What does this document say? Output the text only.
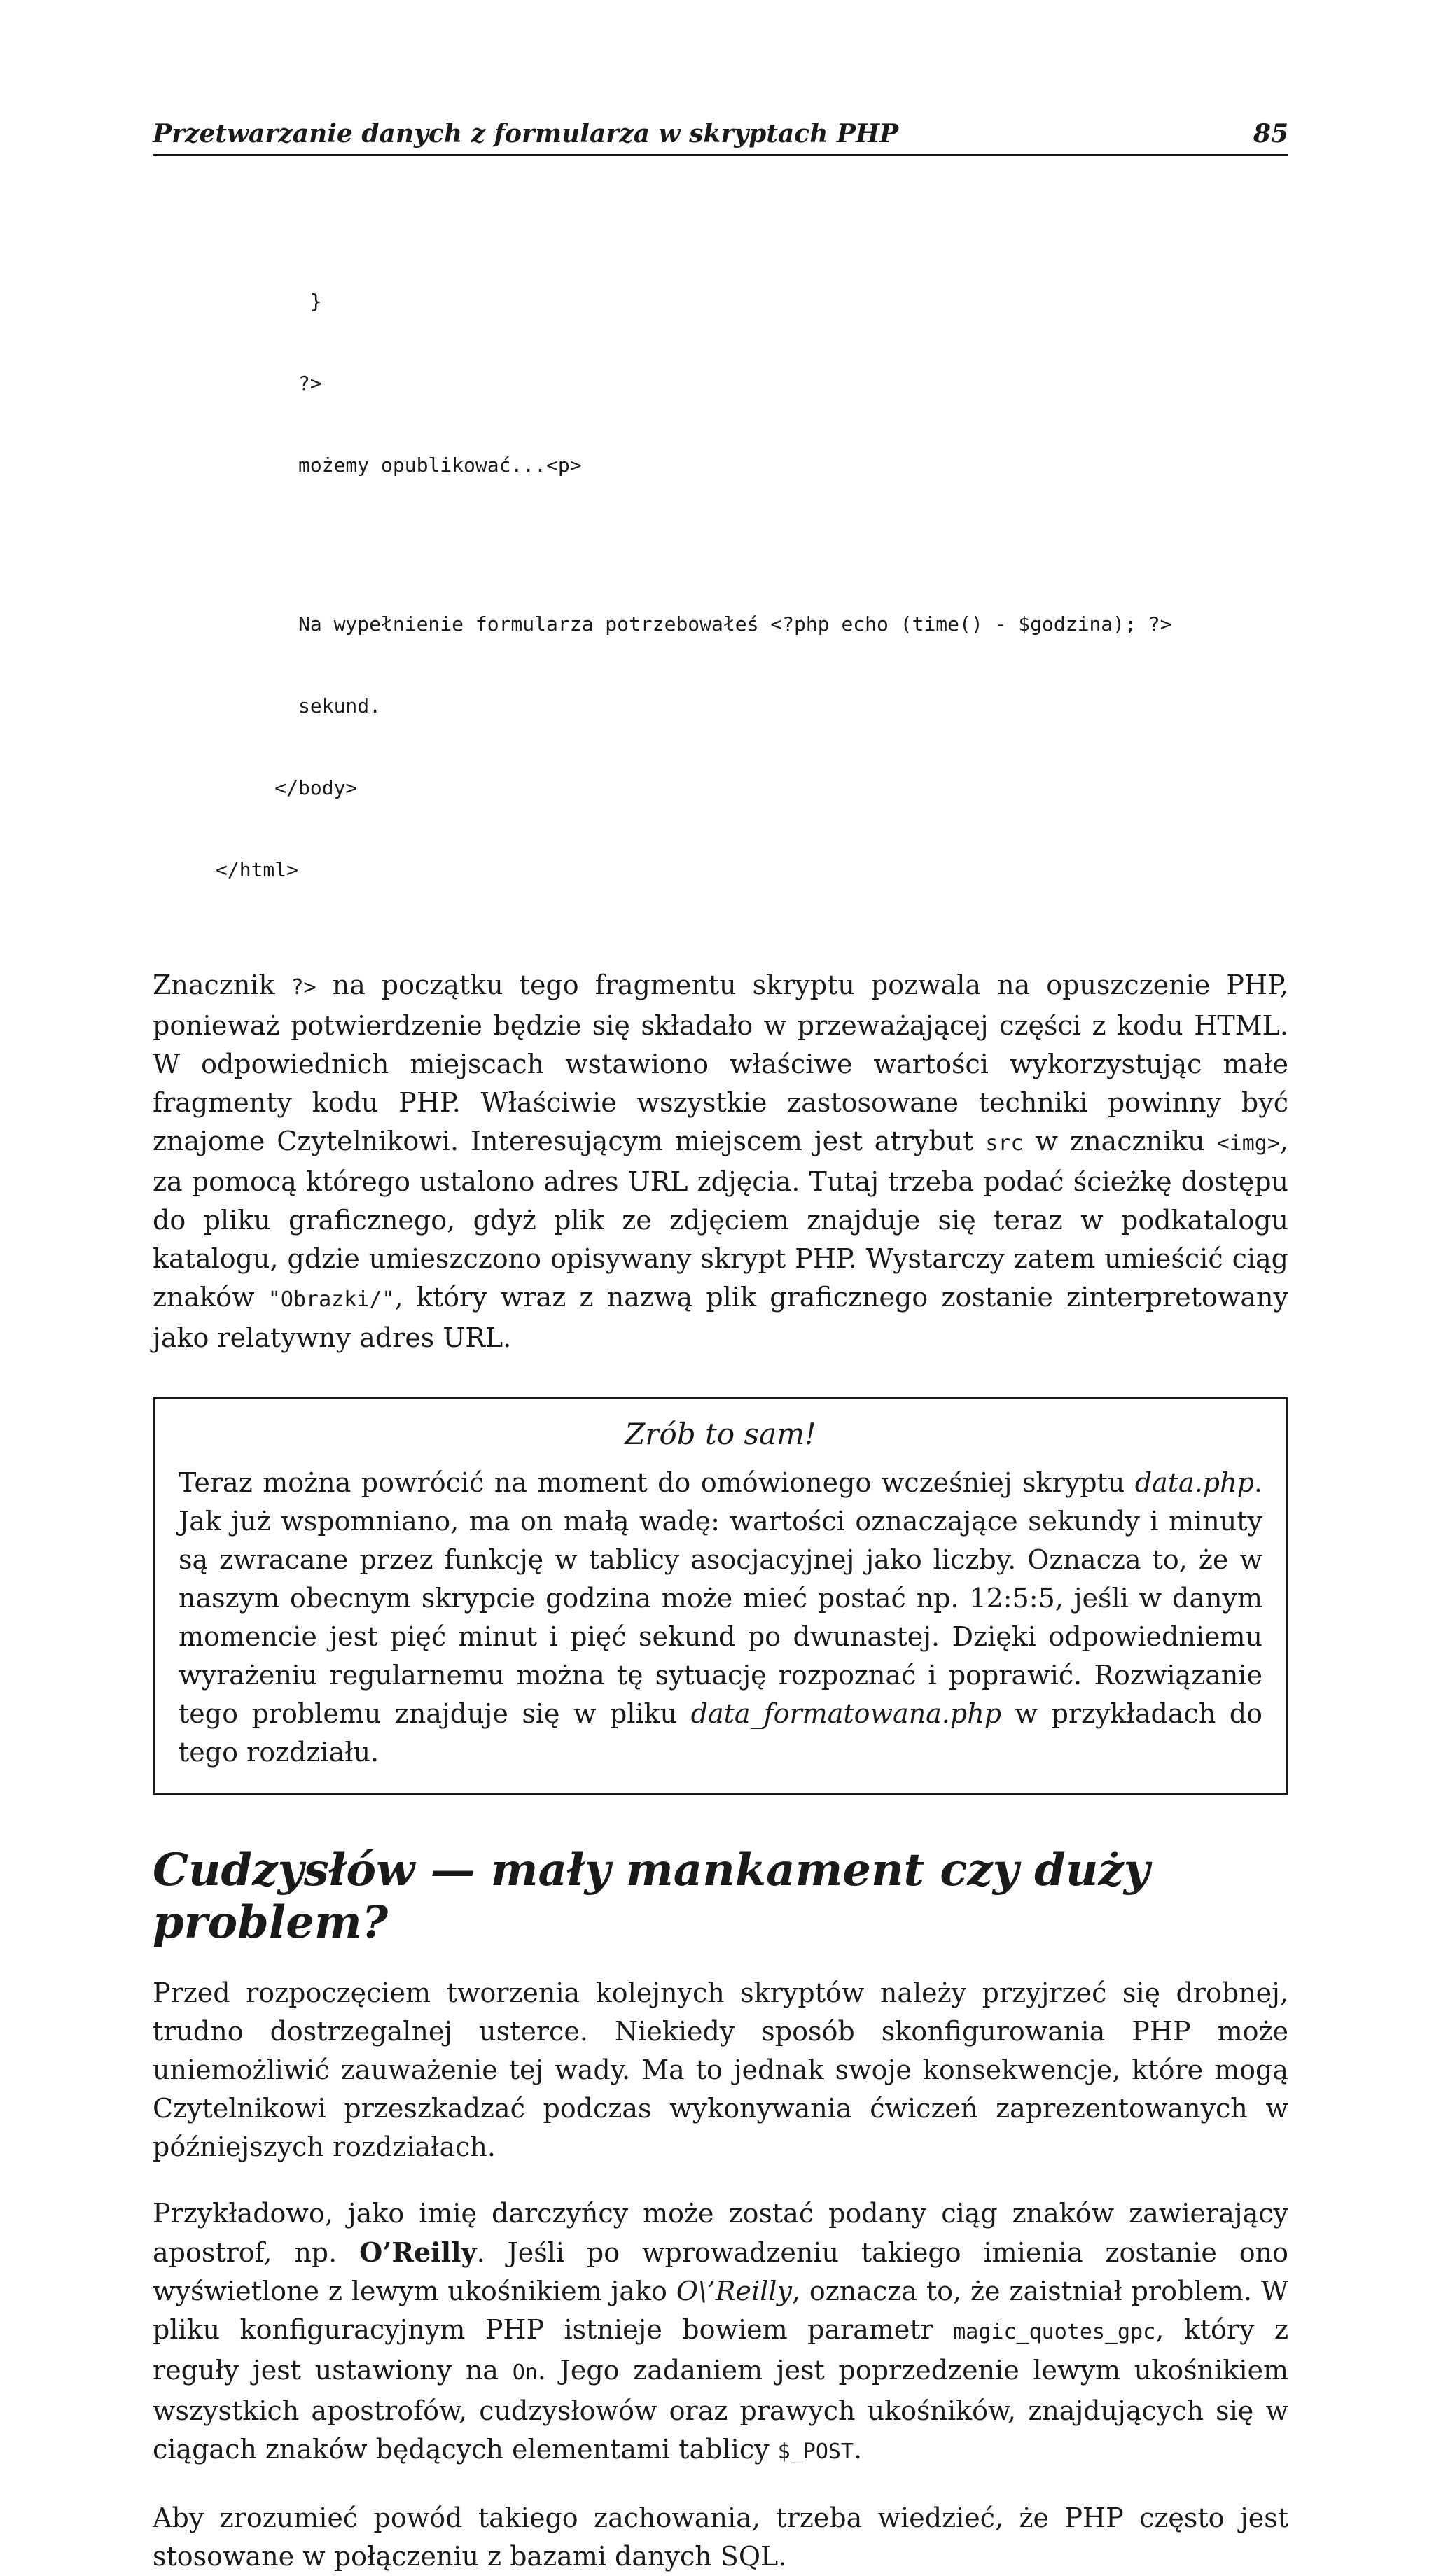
Przetwarzanie danych z formularza w skryptach PHP	85

}

?>

możemy opublikować...<p>

Na wypełnienie formularza potrzebowałeś <?php echo (time() - $godzina); ?>

sekund.

</body>

</html>

Znacznik ?> na początku tego fragmentu skryptu pozwala na opuszczenie PHP, ponieważ potwierdzenie będzie się składało w przeważającej części z kodu HTML. W odpowiednich miejscach wstawiono właściwe wartości wykorzystując małe fragmenty kodu PHP. Właściwie wszystkie zastosowane techniki powinny być znajome Czytelnikowi. Interesującym miejscem jest atrybut src w znaczniku <img>, za pomocą którego ustalono adres URL zdjęcia. Tutaj trzeba podać ścieżkę dostępu do pliku graficznego, gdyż plik ze zdjęciem znajduje się teraz w podkatalogu katalogu, gdzie umieszczono opisywany skrypt PHP. Wystarczy zatem umieścić ciąg znaków "Obrazki/", który wraz z nazwą plik graficznego zostanie zinterpretowany jako relatywny adres URL.

Zrób to sam!

Teraz można powrócić na moment do omówionego wcześniej skryptu data.php. Jak już wspomniano, ma on małą wadę: wartości oznaczające sekundy i minuty są zwracane przez funkcję w tablicy asocjacyjnej jako liczby. Oznacza to, że w naszym obecnym skrypcie godzina może mieć postać np. 12:5:5, jeśli w danym momencie jest pięć minut i pięć sekund po dwunastej. Dzięki odpowiedniemu wyrażeniu regularnemu można tę sytuację rozpoznać i poprawić. Rozwiązanie tego problemu znajduje się w pliku data_formatowana.php w przykładach do tego rozdziału.

Cudzysłów — mały mankament czy duży problem?

Przed rozpoczęciem tworzenia kolejnych skryptów należy przyjrzeć się drobnej, trudno dostrzegalnej usterce. Niekiedy sposób skonfigurowania PHP może uniemożliwić zauważenie tej wady. Ma to jednak swoje konsekwencje, które mogą Czytelnikowi przeszkadzać podczas wykonywania ćwiczeń zaprezentowanych w późniejszych rozdziałach.

Przykładowo, jako imię darczyńcy może zostać podany ciąg znaków zawierający apostrof, np. O’Reilly. Jeśli po wprowadzeniu takiego imienia zostanie ono wyświetlone z lewym ukośnikiem jako O\’Reilly, oznacza to, że zaistniał problem. W pliku konfiguracyjnym PHP istnieje bowiem parametr magic_quotes_gpc, który z reguły jest ustawiony na On. Jego zadaniem jest poprzedzenie lewym ukośnikiem wszystkich apostrofów, cudzysłowów oraz prawych ukośników, znajdujących się w ciągach znaków będących elementami tablicy $_POST.

Aby zrozumieć powód takiego zachowania, trzeba wiedzieć, że PHP często jest stosowane w połączeniu z bazami danych SQL.
